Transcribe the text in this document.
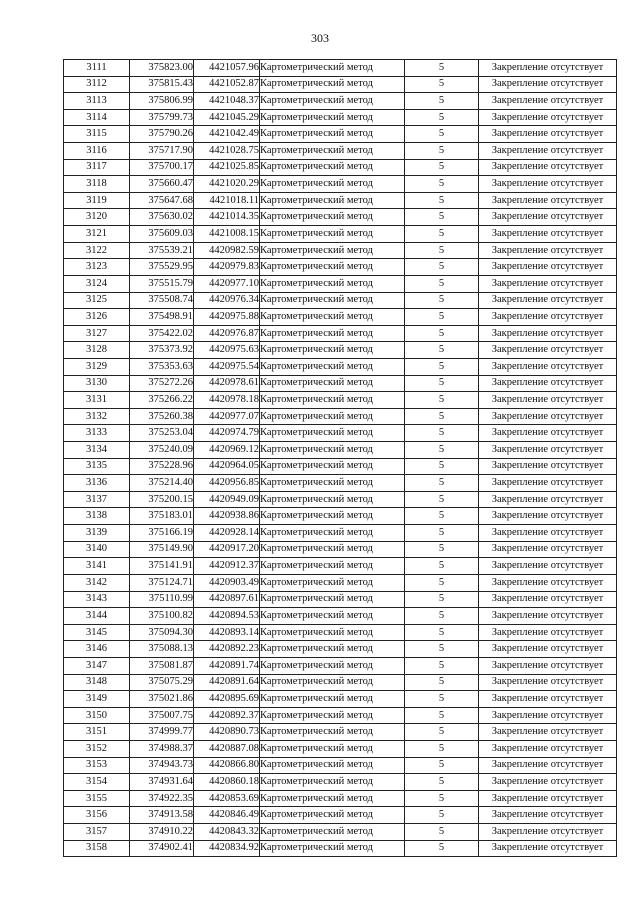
303
3111	375823.00	4421057.96	Картометрический метод	5	Закрепление отсутствует
3112	375815.43	4421052.87	Картометрический метод	5	Закрепление отсутствует
3113	375806.99	4421048.37	Картометрический метод	5	Закрепление отсутствует
3114	375799.73	4421045.29	Картометрический метод	5	Закрепление отсутствует
3115	375790.26	4421042.49	Картометрический метод	5	Закрепление отсутствует
3116	375717.90	4421028.75	Картометрический метод	5	Закрепление отсутствует
3117	375700.17	4421025.85	Картометрический метод	5	Закрепление отсутствует
3118	375660.47	4421020.29	Картометрический метод	5	Закрепление отсутствует
3119	375647.68	4421018.11	Картометрический метод	5	Закрепление отсутствует
3120	375630.02	4421014.35	Картометрический метод	5	Закрепление отсутствует
3121	375609.03	4421008.15	Картометрический метод	5	Закрепление отсутствует
3122	375539.21	4420982.59	Картометрический метод	5	Закрепление отсутствует
3123	375529.95	4420979.83	Картометрический метод	5	Закрепление отсутствует
3124	375515.79	4420977.10	Картометрический метод	5	Закрепление отсутствует
3125	375508.74	4420976.34	Картометрический метод	5	Закрепление отсутствует
3126	375498.91	4420975.88	Картометрический метод	5	Закрепление отсутствует
3127	375422.02	4420976.87	Картометрический метод	5	Закрепление отсутствует
3128	375373.92	4420975.63	Картометрический метод	5	Закрепление отсутствует
3129	375353.63	4420975.54	Картометрический метод	5	Закрепление отсутствует
3130	375272.26	4420978.61	Картометрический метод	5	Закрепление отсутствует
3131	375266.22	4420978.18	Картометрический метод	5	Закрепление отсутствует
3132	375260.38	4420977.07	Картометрический метод	5	Закрепление отсутствует
3133	375253.04	4420974.79	Картометрический метод	5	Закрепление отсутствует
3134	375240.09	4420969.12	Картометрический метод	5	Закрепление отсутствует
3135	375228.96	4420964.05	Картометрический метод	5	Закрепление отсутствует
3136	375214.40	4420956.85	Картометрический метод	5	Закрепление отсутствует
3137	375200.15	4420949.09	Картометрический метод	5	Закрепление отсутствует
3138	375183.01	4420938.86	Картометрический метод	5	Закрепление отсутствует
3139	375166.19	4420928.14	Картометрический метод	5	Закрепление отсутствует
3140	375149.90	4420917.20	Картометрический метод	5	Закрепление отсутствует
3141	375141.91	4420912.37	Картометрический метод	5	Закрепление отсутствует
3142	375124.71	4420903.49	Картометрический метод	5	Закрепление отсутствует
3143	375110.99	4420897.61	Картометрический метод	5	Закрепление отсутствует
3144	375100.82	4420894.53	Картометрический метод	5	Закрепление отсутствует
3145	375094.30	4420893.14	Картометрический метод	5	Закрепление отсутствует
3146	375088.13	4420892.23	Картометрический метод	5	Закрепление отсутствует
3147	375081.87	4420891.74	Картометрический метод	5	Закрепление отсутствует
3148	375075.29	4420891.64	Картометрический метод	5	Закрепление отсутствует
3149	375021.86	4420895.69	Картометрический метод	5	Закрепление отсутствует
3150	375007.75	4420892.37	Картометрический метод	5	Закрепление отсутствует
3151	374999.77	4420890.73	Картометрический метод	5	Закрепление отсутствует
3152	374988.37	4420887.08	Картометрический метод	5	Закрепление отсутствует
3153	374943.73	4420866.80	Картометрический метод	5	Закрепление отсутствует
3154	374931.64	4420860.18	Картометрический метод	5	Закрепление отсутствует
3155	374922.35	4420853.69	Картометрический метод	5	Закрепление отсутствует
3156	374913.58	4420846.49	Картометрический метод	5	Закрепление отсутствует
3157	374910.22	4420843.32	Картометрический метод	5	Закрепление отсутствует
3158	374902.41	4420834.92	Картометрический метод	5	Закрепление отсутствует
